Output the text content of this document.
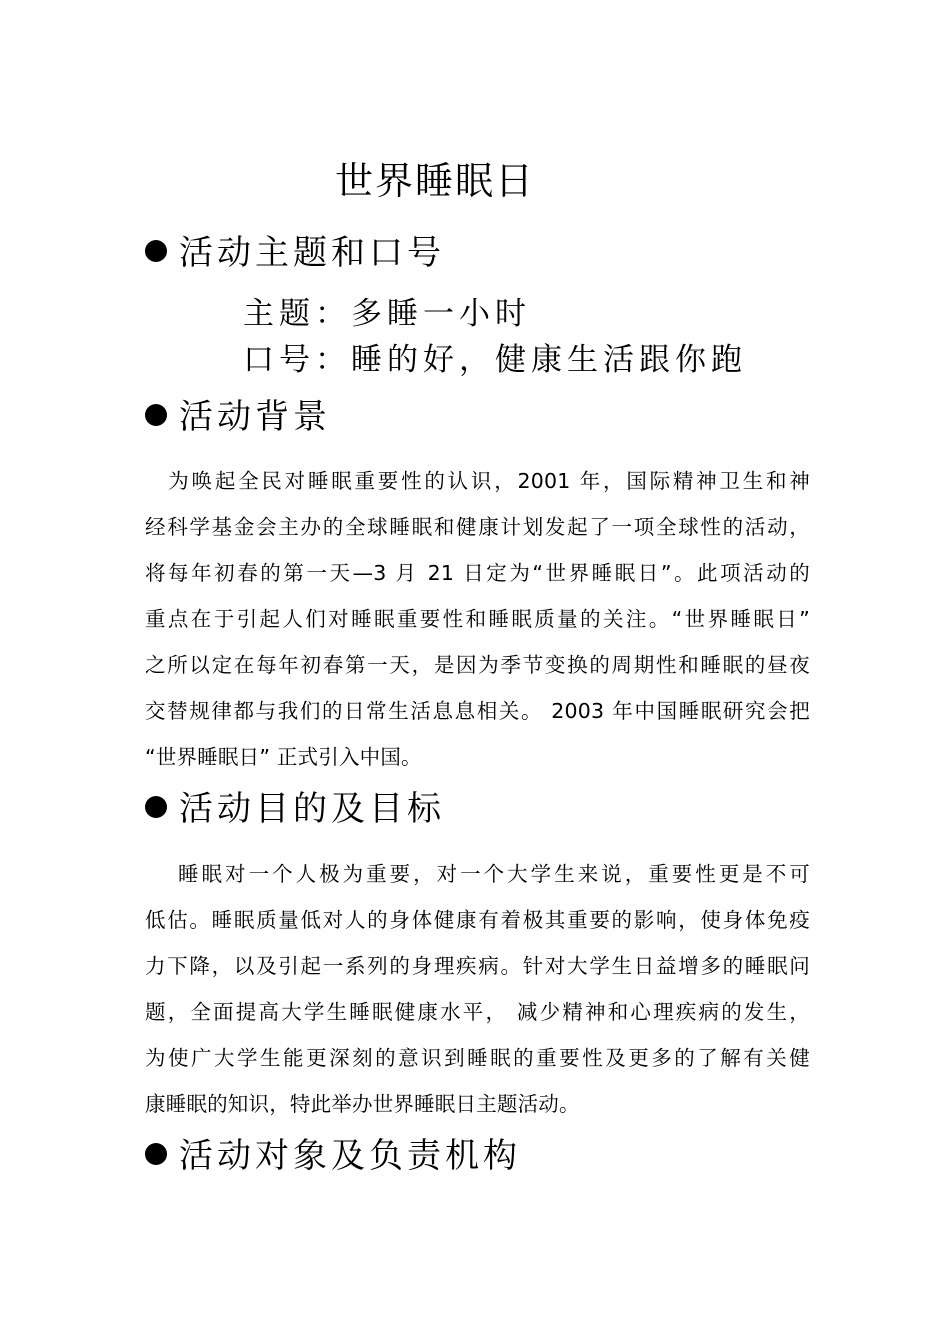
世界睡眠日
活动主题和口号
主题：多睡一小时
口号：睡的好，健康生活跟你跑
活动背景
　为唤起全民对睡眠重要性的认识，2001 年，国际精神卫生和神
经科学基金会主办的全球睡眠和健康计划发起了一项全球性的活动，
将每年初春的第一天—3 月 21 日定为“世界睡眠日”。此项活动的
重点在于引起人们对睡眠重要性和睡眠质量的关注。“世界睡眠日”
之所以定在每年初春第一天，是因为季节变换的周期性和睡眠的昼夜
交替规律都与我们的日常生活息息相关。 2003 年中国睡眠研究会把
“世界睡眠日” 正式引入中国。
活动目的及目标
　 睡眠对一个人极为重要，对一个大学生来说，重要性更是不可
低估。睡眠质量低对人的身体健康有着极其重要的影响，使身体免疫
力下降，以及引起一系列的身理疾病。针对大学生日益增多的睡眠问
题，全面提高大学生睡眠健康水平， 减少精神和心理疾病的发生，
为使广大学生能更深刻的意识到睡眠的重要性及更多的了解有关健
康睡眠的知识，特此举办世界睡眠日主题活动。
活动对象及负责机构
